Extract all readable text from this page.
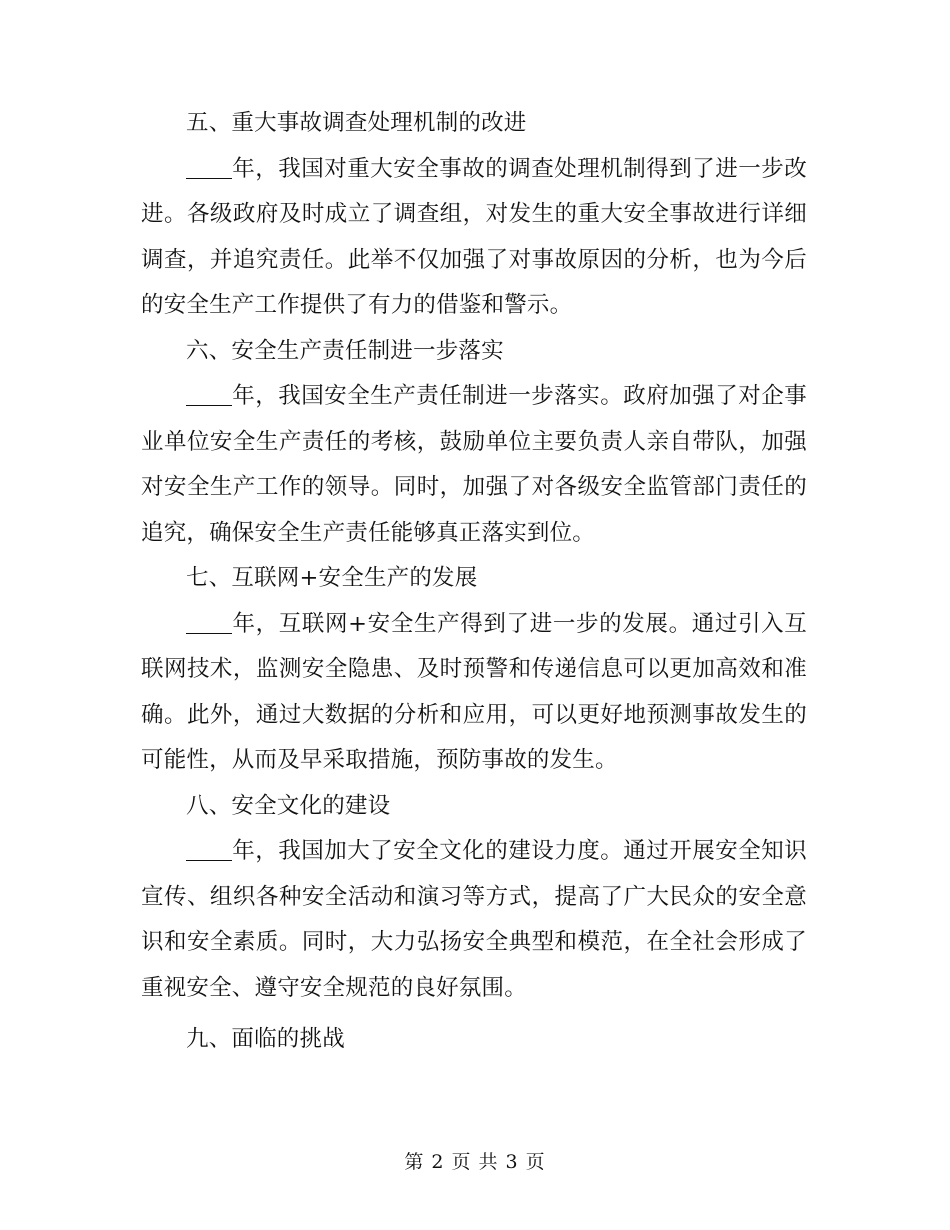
五、重大事故调查处理机制的改进

年，我国对重大安全事故的调查处理机制得到了进一步改进。各级政府及时成立了调查组，对发生的重大安全事故进行详细调查，并追究责任。此举不仅加强了对事故原因的分析，也为今后的安全生产工作提供了有力的借鉴和警示。

六、安全生产责任制进一步落实

年，我国安全生产责任制进一步落实。政府加强了对企事业单位安全生产责任的考核，鼓励单位主要负责人亲自带队，加强对安全生产工作的领导。同时，加强了对各级安全监管部门责任的追究，确保安全生产责任能够真正落实到位。

七、互联网+安全生产的发展

年，互联网+安全生产得到了进一步的发展。通过引入互联网技术，监测安全隐患、及时预警和传递信息可以更加高效和准确。此外，通过大数据的分析和应用，可以更好地预测事故发生的可能性，从而及早采取措施，预防事故的发生。

八、安全文化的建设

年，我国加大了安全文化的建设力度。通过开展安全知识宣传、组织各种安全活动和演习等方式，提高了广大民众的安全意识和安全素质。同时，大力弘扬安全典型和模范，在全社会形成了重视安全、遵守安全规范的良好氛围。

九、面临的挑战

第 2 页 共 3 页
